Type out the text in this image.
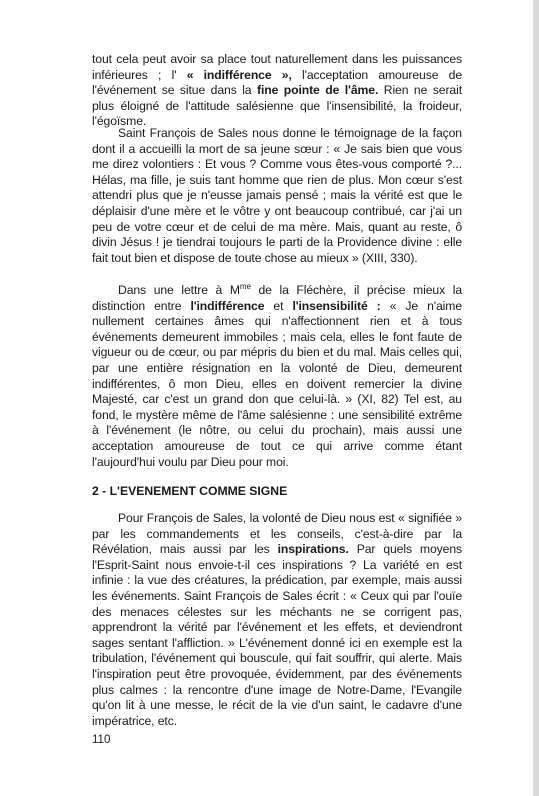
tout cela peut avoir sa place tout naturellement dans les puissances inférieures ; l' « indifférence », l'acceptation amoureuse de l'événement se situe dans la fine pointe de l'âme. Rien ne serait plus éloigné de l'attitude salésienne que l'insensibilité, la froideur, l'égoïsme.

Saint François de Sales nous donne le témoignage de la façon dont il a accueilli la mort de sa jeune sœur : « Je sais bien que vous me direz volontiers : Et vous ? Comme vous êtes-vous comporté ?... Hélas, ma fille, je suis tant homme que rien de plus. Mon cœur s'est attendri plus que je n'eusse jamais pensé ; mais la vérité est que le déplaisir d'une mère et le vôtre y ont beaucoup contribué, car j'ai un peu de votre cœur et de celui de ma mère. Mais, quant au reste, ô divin Jésus ! je tiendrai toujours le parti de la Providence divine : elle fait tout bien et dispose de toute chose au mieux » (XIII, 330).

Dans une lettre à $M^{me}$ de la Fléchère, il précise mieux la distinction entre l'indifférence et l'insensibilité : « Je n'aime nullement certaines âmes qui n'affectionnent rien et à tous événements demeurent immobiles ; mais cela, elles le font faute de vigueur ou de cœur, ou par mépris du bien et du mal. Mais celles qui, par une entière résignation en la volonté de Dieu, demeurent indifférentes, ô mon Dieu, elles en doivent remercier la divine Majesté, car c'est un grand don que celui-là. » (XI, 82) Tel est, au fond, le mystère même de l'âme salésienne : une sensibilité extrême à l'événement (le nôtre, ou celui du prochain), mais aussi une acceptation amoureuse de tout ce qui arrive comme étant l'aujourd'hui voulu par Dieu pour moi.

2 - L'EVENEMENT COMME SIGNE

Pour François de Sales, la volonté de Dieu nous est « signifiée » par les commandements et les conseils, c'est-à-dire par la Révélation, mais aussi par les inspirations. Par quels moyens l'Esprit-Saint nous envoie-t-il ces inspirations ? La variété en est infinie : la vue des créatures, la prédication, par exemple, mais aussi les événements. Saint François de Sales écrit : « Ceux qui par l'ouïe des menaces célestes sur les méchants ne se corrigent pas, apprendront la vérité par l'événement et les effets, et deviendront sages sentant l'affliction. » L'événement donné ici en exemple est la tribulation, l'événement qui bouscule, qui fait souffrir, qui alerte. Mais l'inspiration peut être provoquée, évidemment, par des événements plus calmes : la rencontre d'une image de Notre-Dame, l'Evangile qu'on lit à une messe, le récit de la vie d'un saint, le cadavre d'une impératrice, etc.

110
